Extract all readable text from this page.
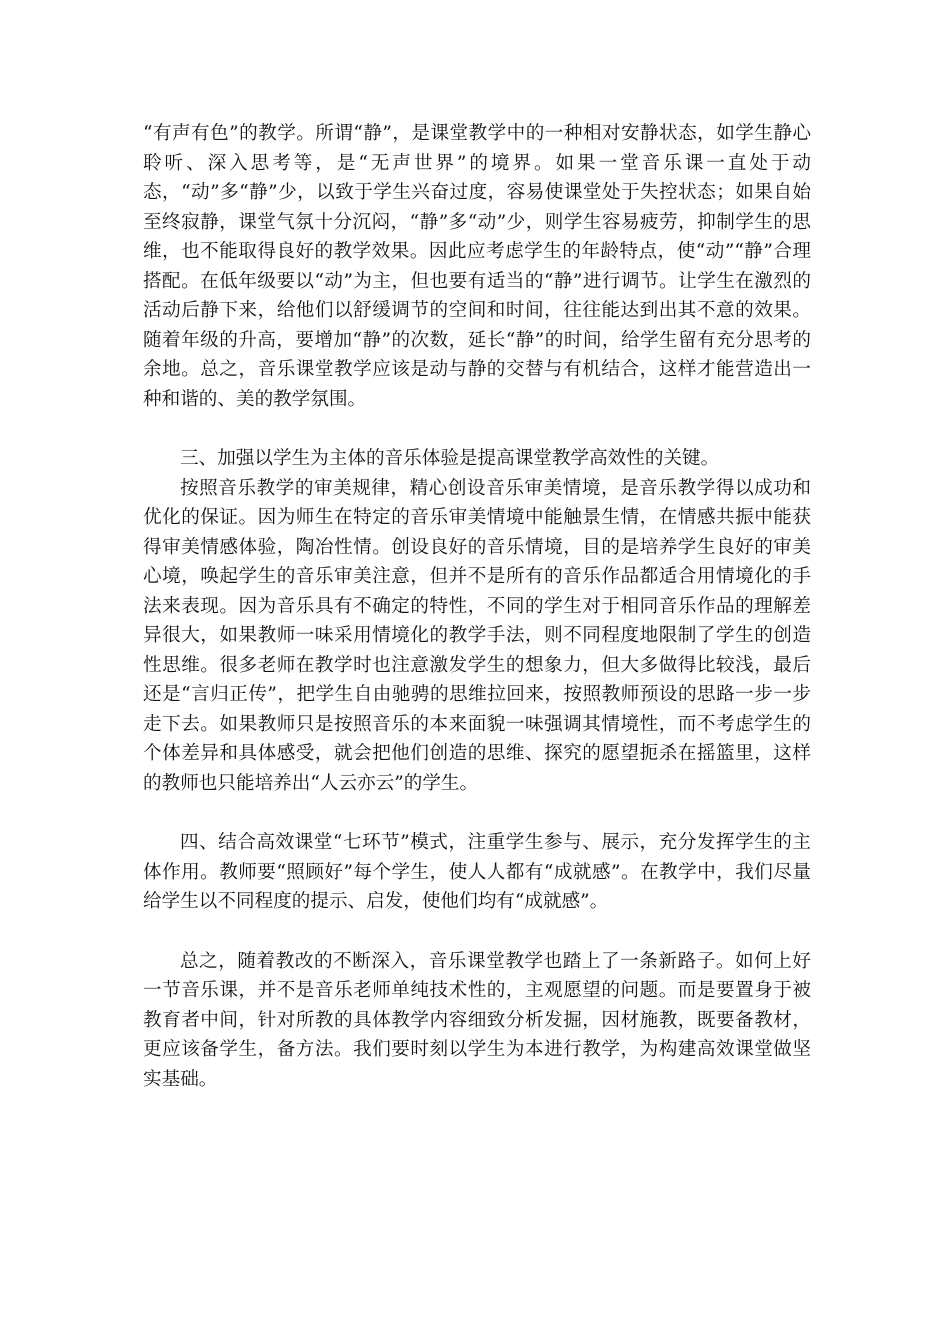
“有声有色”的教学。所谓“静”，是课堂教学中的一种相对安静状态，如学生静心聆听、深入思考等，是“无声世界”的境界。如果一堂音乐课一直处于动态，“动”多“静”少，以致于学生兴奋过度，容易使课堂处于失控状态；如果自始至终寂静，课堂气氛十分沉闷，“静”多“动”少，则学生容易疲劳，抑制学生的思维，也不能取得良好的教学效果。因此应考虑学生的年龄特点，使“动”“静”合理搭配。在低年级要以“动”为主，但也要有适当的“静”进行调节。让学生在激烈的活动后静下来，给他们以舒缓调节的空间和时间，往往能达到出其不意的效果。随着年级的升高，要增加“静”的次数，延长“静”的时间，给学生留有充分思考的余地。总之，音乐课堂教学应该是动与静的交替与有机结合，这样才能营造出一种和谐的、美的教学氛围。

三、加强以学生为主体的音乐体验是提高课堂教学高效性的关键。

按照音乐教学的审美规律，精心创设音乐审美情境，是音乐教学得以成功和优化的保证。因为师生在特定的音乐审美情境中能触景生情，在情感共振中能获得审美情感体验，陶冶性情。创设良好的音乐情境，目的是培养学生良好的审美心境，唤起学生的音乐审美注意，但并不是所有的音乐作品都适合用情境化的手法来表现。因为音乐具有不确定的特性，不同的学生对于相同音乐作品的理解差异很大，如果教师一味采用情境化的教学手法，则不同程度地限制了学生的创造性思维。很多老师在教学时也注意激发学生的想象力，但大多做得比较浅，最后还是“言归正传”，把学生自由驰骋的思维拉回来，按照教师预设的思路一步一步走下去。如果教师只是按照音乐的本来面貌一味强调其情境性，而不考虑学生的个体差异和具体感受，就会把他们创造的思维、探究的愿望扼杀在摇篮里，这样的教师也只能培养出“人云亦云”的学生。

四、结合高效课堂“七环节”模式，注重学生参与、展示，充分发挥学生的主体作用。教师要“照顾好”每个学生，使人人都有“成就感”。在教学中，我们尽量给学生以不同程度的提示、启发，使他们均有“成就感”。

总之，随着教改的不断深入，音乐课堂教学也踏上了一条新路子。如何上好一节音乐课，并不是音乐老师单纯技术性的，主观愿望的问题。而是要置身于被教育者中间，针对所教的具体教学内容细致分析发掘，因材施教，既要备教材，更应该备学生，备方法。我们要时刻以学生为本进行教学，为构建高效课堂做坚实基础。
